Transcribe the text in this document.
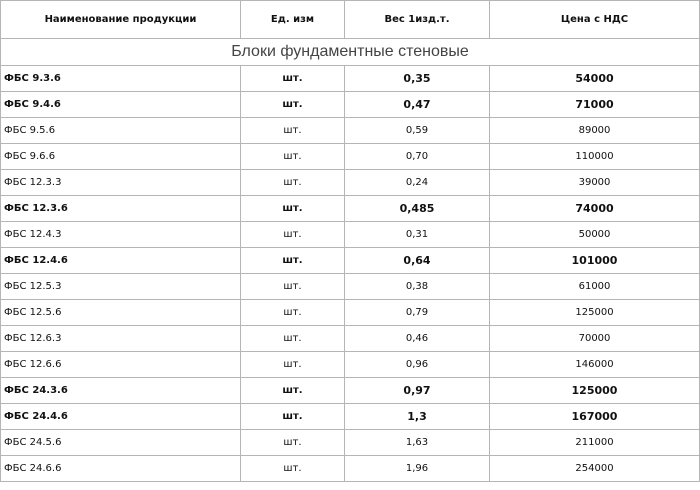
Наименование продукции	Ед. изм	Вес 1изд.т.	Цена с НДС
Блоки фундаментные стеновые			
ФБС 9.3.6	шт.	0,35	54000
ФБС 9.4.6	шт.	0,47	71000
ФБС 9.5.6	шт.	0,59	89000
ФБС 9.6.6	шт.	0,70	110000
ФБС 12.3.3	шт.	0,24	39000
ФБС 12.3.6	шт.	0,485	74000
ФБС 12.4.3	шт.	0,31	50000
ФБС 12.4.6	шт.	0,64	101000
ФБС 12.5.3	шт.	0,38	61000
ФБС 12.5.6	шт.	0,79	125000
ФБС 12.6.3	шт.	0,46	70000
ФБС 12.6.6	шт.	0,96	146000
ФБС 24.3.6	шт.	0,97	125000
ФБС 24.4.6	шт.	1,3	167000
ФБС 24.5.6	шт.	1,63	211000
ФБС 24.6.6	шт.	1,96	254000
